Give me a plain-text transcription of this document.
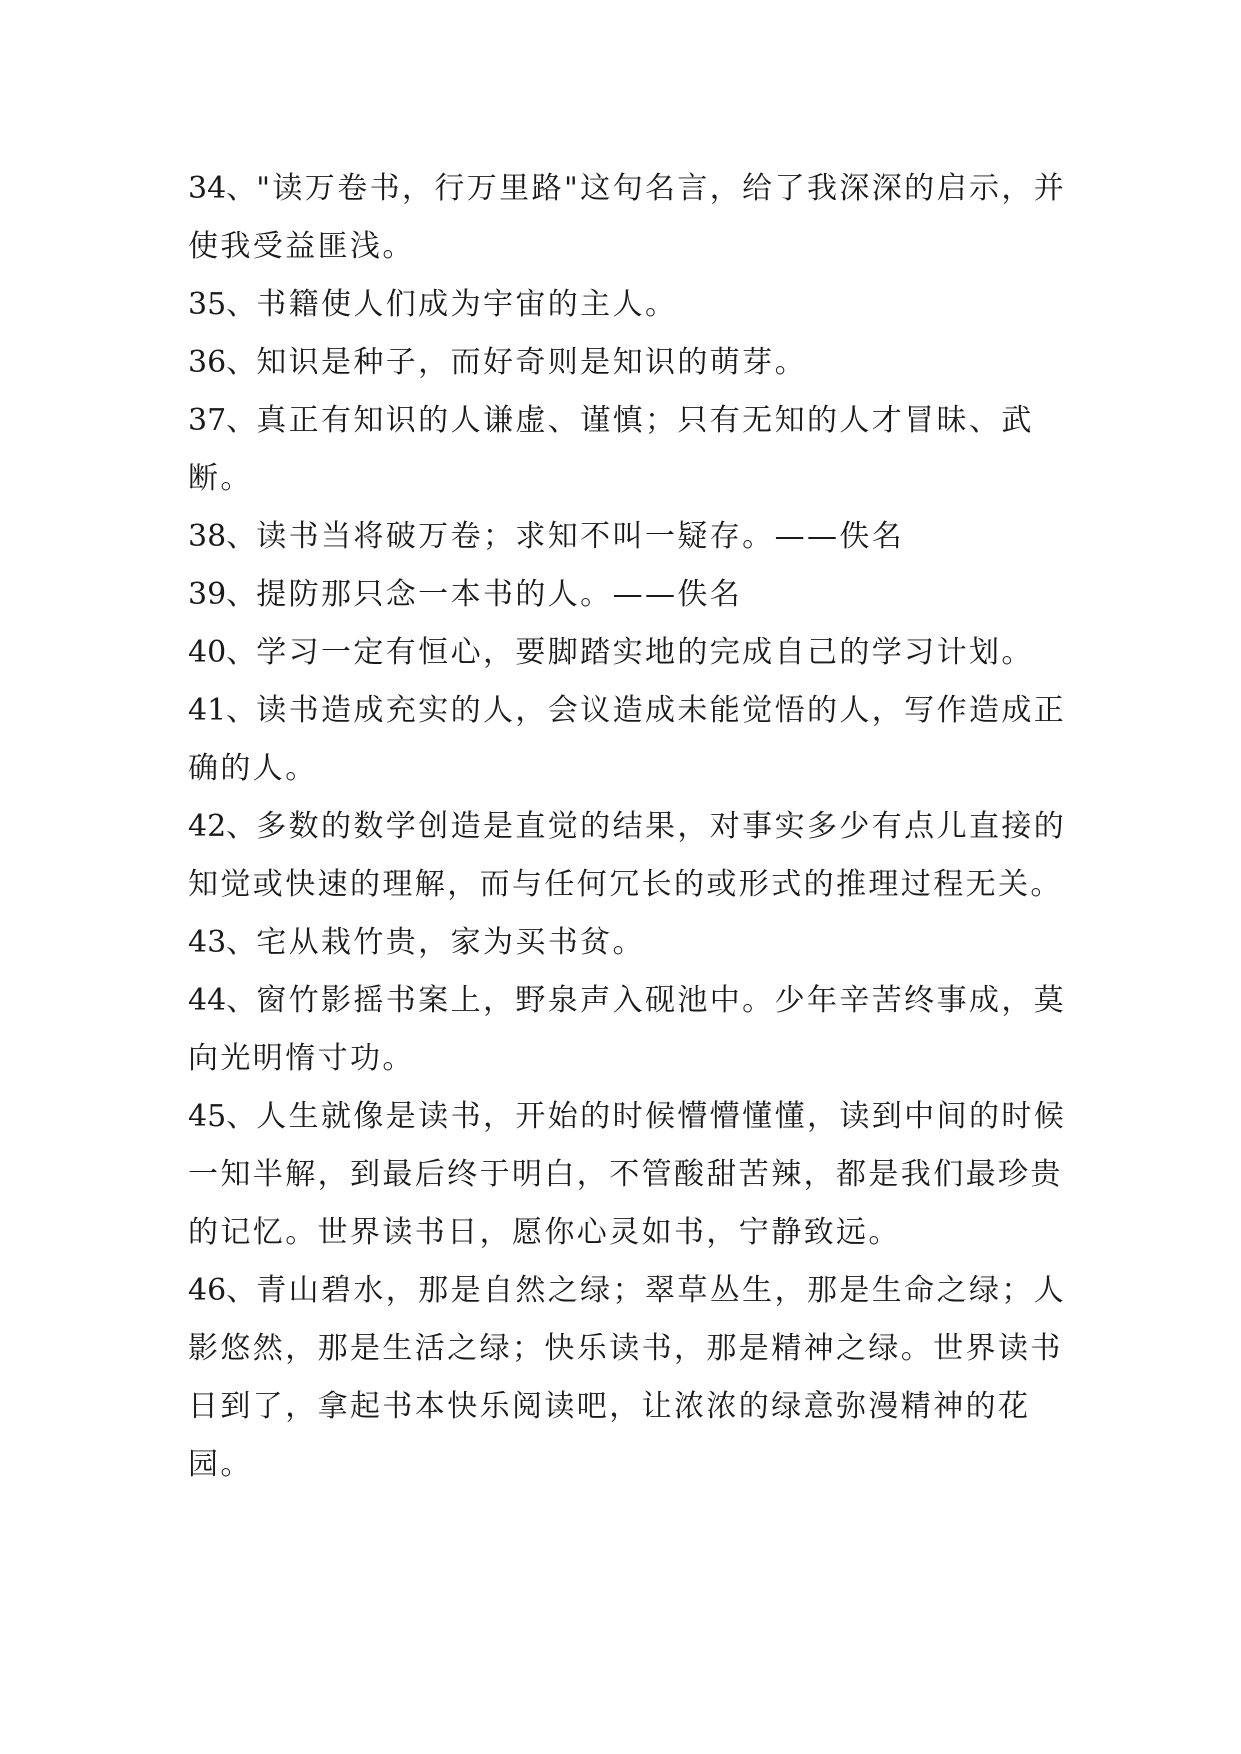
34、"读万卷书，行万里路"这句名言，给了我深深的启示，并使我受益匪浅。

35、书籍使人们成为宇宙的主人。

36、知识是种子，而好奇则是知识的萌芽。

37、真正有知识的人谦虚、谨慎；只有无知的人才冒昧、武断。

38、读书当将破万卷；求知不叫一疑存。——佚名

39、提防那只念一本书的人。——佚名

40、学习一定有恒心，要脚踏实地的完成自己的学习计划。

41、读书造成充实的人，会议造成未能觉悟的人，写作造成正确的人。

42、多数的数学创造是直觉的结果，对事实多少有点儿直接的知觉或快速的理解，而与任何冗长的或形式的推理过程无关。

43、宅从栽竹贵，家为买书贫。

44、窗竹影摇书案上，野泉声入砚池中。少年辛苦终事成，莫向光明惰寸功。

45、人生就像是读书，开始的时候懵懵懂懂，读到中间的时候一知半解，到最后终于明白，不管酸甜苦辣，都是我们最珍贵的记忆。世界读书日，愿你心灵如书，宁静致远。

46、青山碧水，那是自然之绿；翠草丛生，那是生命之绿；人影悠然，那是生活之绿；快乐读书，那是精神之绿。世界读书日到了，拿起书本快乐阅读吧，让浓浓的绿意弥漫精神的花园。
